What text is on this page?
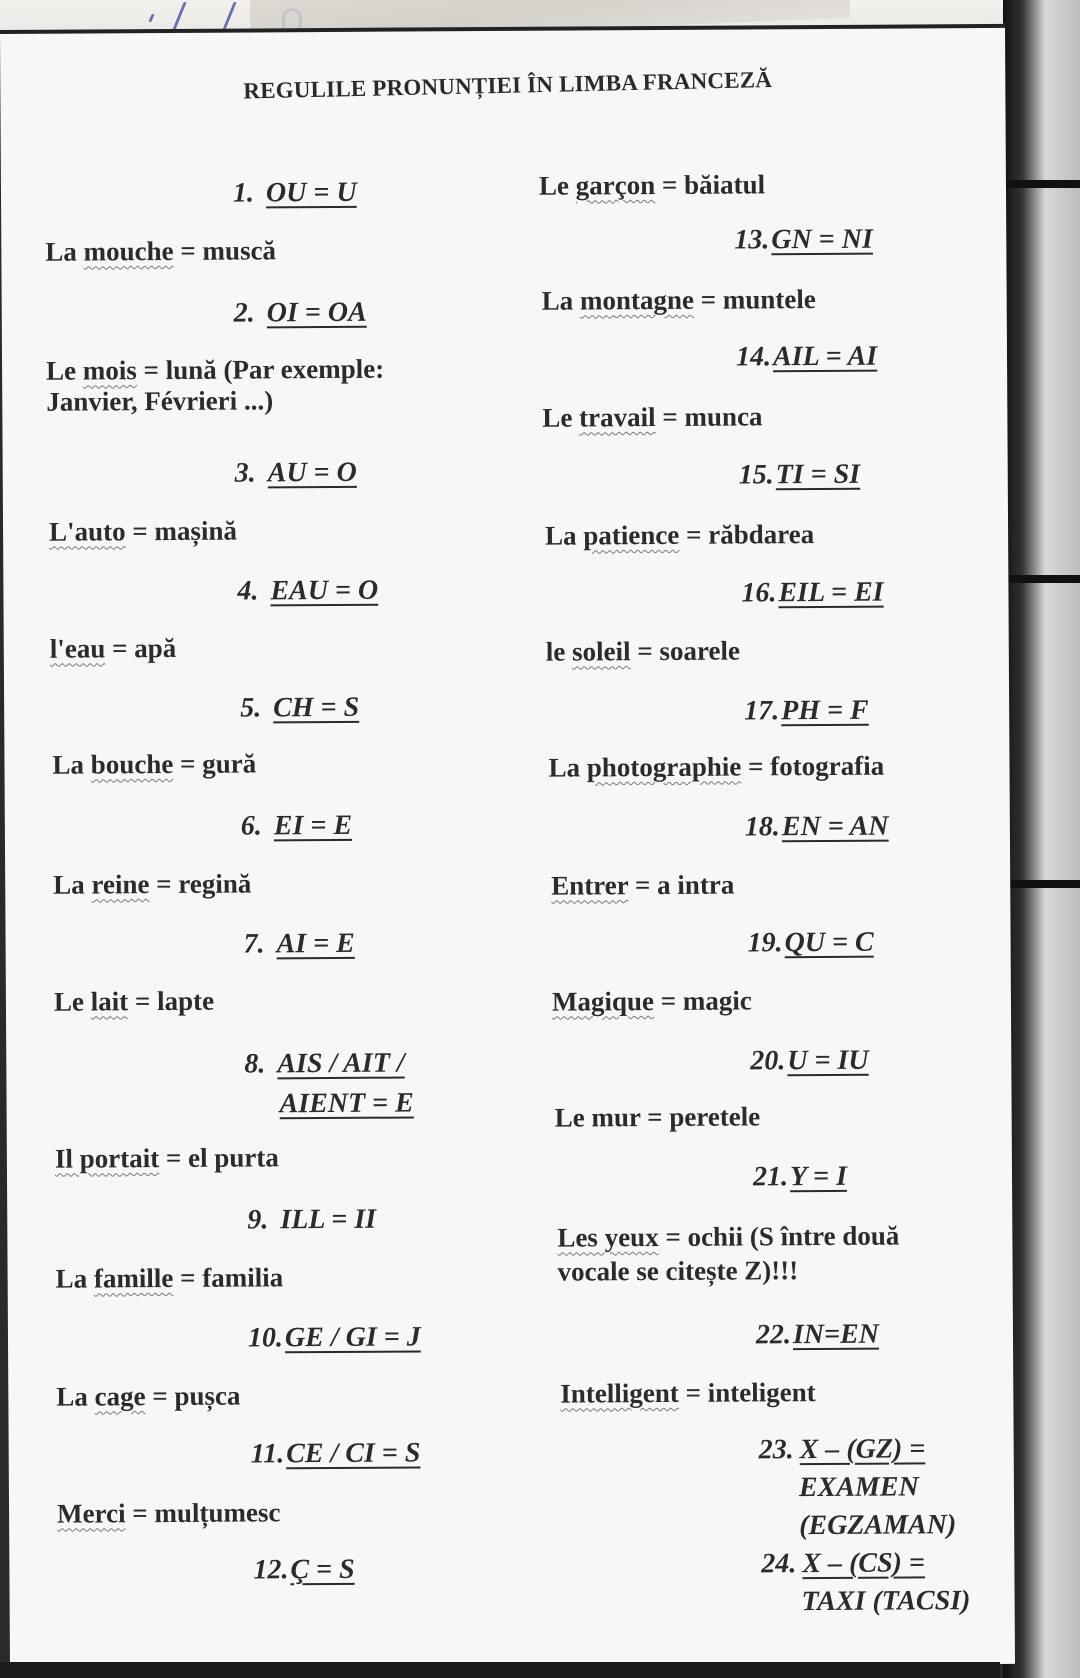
REGULILE PRONUNȚIEI ÎN LIMBA FRANCEZĂ
1. OU = U
La mouche = muscă
2. OI = OA
Le mois = lună (Par exemple:
Janvier, Févrieri ...)
3. AU = O
L'auto = mașină
4. EAU = O
l'eau = apă
5. CH = S
La bouche = gură
6. EI = E
La reine = regină
7. AI = E
Le lait = lapte
8. AIS / AIT /
AIENT = E
Il portait = el purta
9. ILL = II
La famille = familia
10.GE / GI = J
La cage = pușca
11.CE / CI = S
Merci = mulțumesc
12.Ç = S
Le garçon = băiatul
13.GN = NI
La montagne = muntele
14.AIL = AI
Le travail = munca
15.TI = SI
La patience = răbdarea
16.EIL = EI
le soleil = soarele
17.PH = F
La photographie = fotografia
18.EN = AN
Entrer = a intra
19.QU = C
Magique = magic
20.U = IU
Le mur = peretele
21.Y = I
Les yeux = ochii (S între două
vocale se citește Z)!!!
22.IN=EN
Intelligent = inteligent
23. X – (GZ) =
EXAMEN
(EGZAMAN)
24. X – (CS) =
TAXI (TACSI)
